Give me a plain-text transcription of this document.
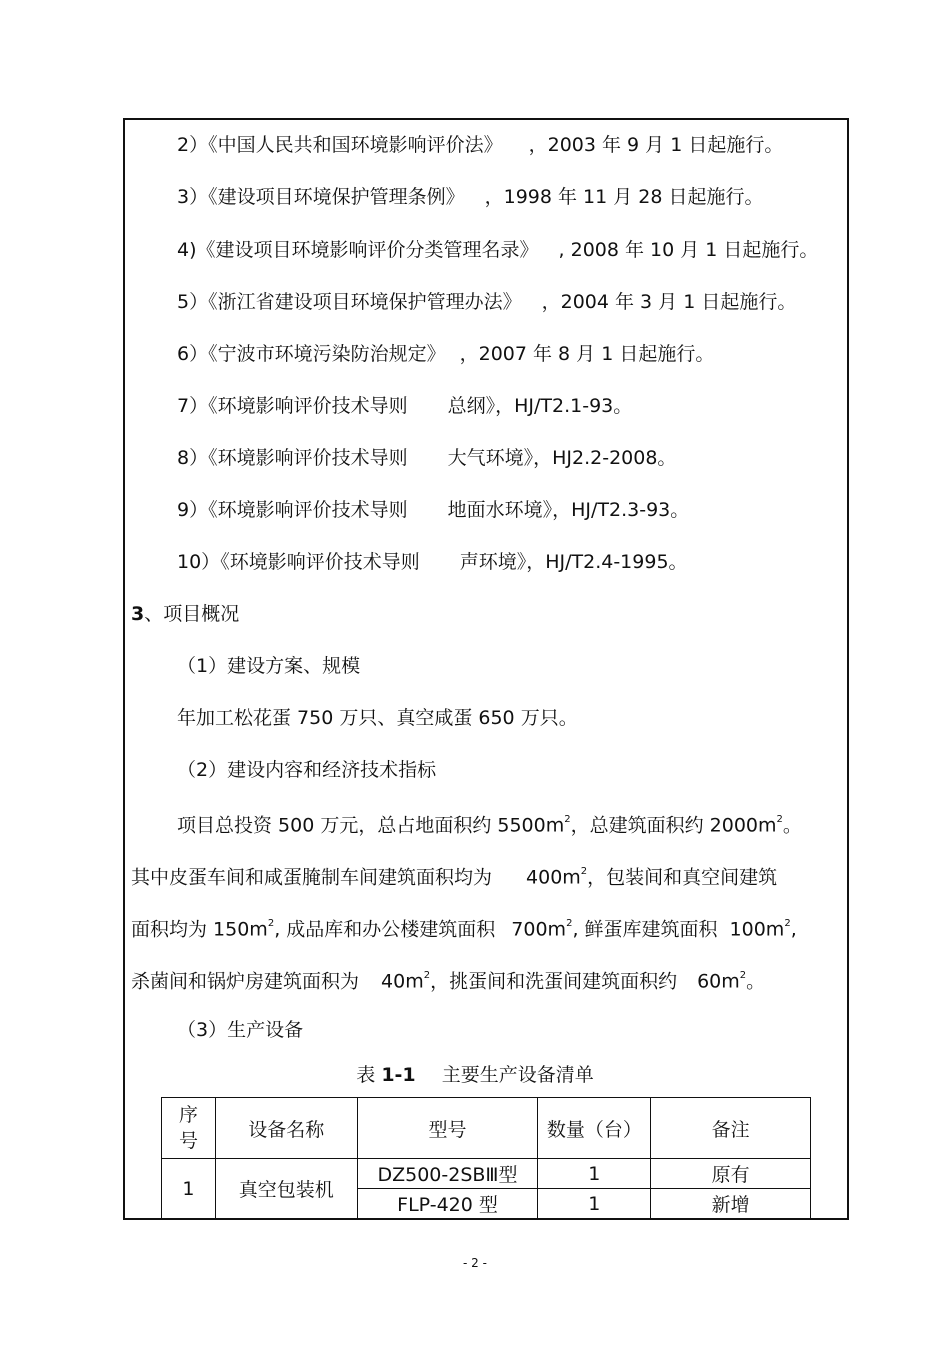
2）《中国人民共和国环境影响评价法》 ，2003 年 9 月 1 日起施行。
3）《建设项目环境保护管理条例》 ，1998 年 11 月 28 日起施行。
4)《建设项目环境影响评价分类管理名录》 , 2008 年 10 月 1 日起施行。
5）《浙江省建设项目环境保护管理办法》 ，2004 年 3 月 1 日起施行。
6）《宁波市环境污染防治规定》 ，2007 年 8 月 1 日起施行。
7）《环境影响评价技术导则 总纲》，HJ/T2.1-93。
8）《环境影响评价技术导则 大气环境》，HJ2.2-2008。
9）《环境影响评价技术导则 地面水环境》，HJ/T2.3-93。
10）《环境影响评价技术导则 声环境》，HJ/T2.4-1995。
3、项目概况
（1）建设方案、规模
年加工松花蛋 750 万只、真空咸蛋 650 万只。
（2）建设内容和经济技术指标
项目总投资 500 万元，总占地面积约 $5500m^2$，总建筑面积约 $2000m^2$。
其中皮蛋车间和咸蛋腌制车间建筑面积均为 $400m^2$，包装间和真空间建筑
面积均为 $150m^2$, 成品库和办公楼建筑面积 $700m^2$, 鲜蛋库建筑面积 $100m^2$,
杀菌间和锅炉房建筑面积为 $40m^2$，挑蛋间和洗蛋间建筑面积约 $60m^2$。
（3）生产设备
表 1-1 主要生产设备清单
序号	设备名称	型号	数量（台）	备注
1	真空包装机	DZ500-2SBⅢ型	1	原有
		FLP-420 型	1	新增
- 2 -
